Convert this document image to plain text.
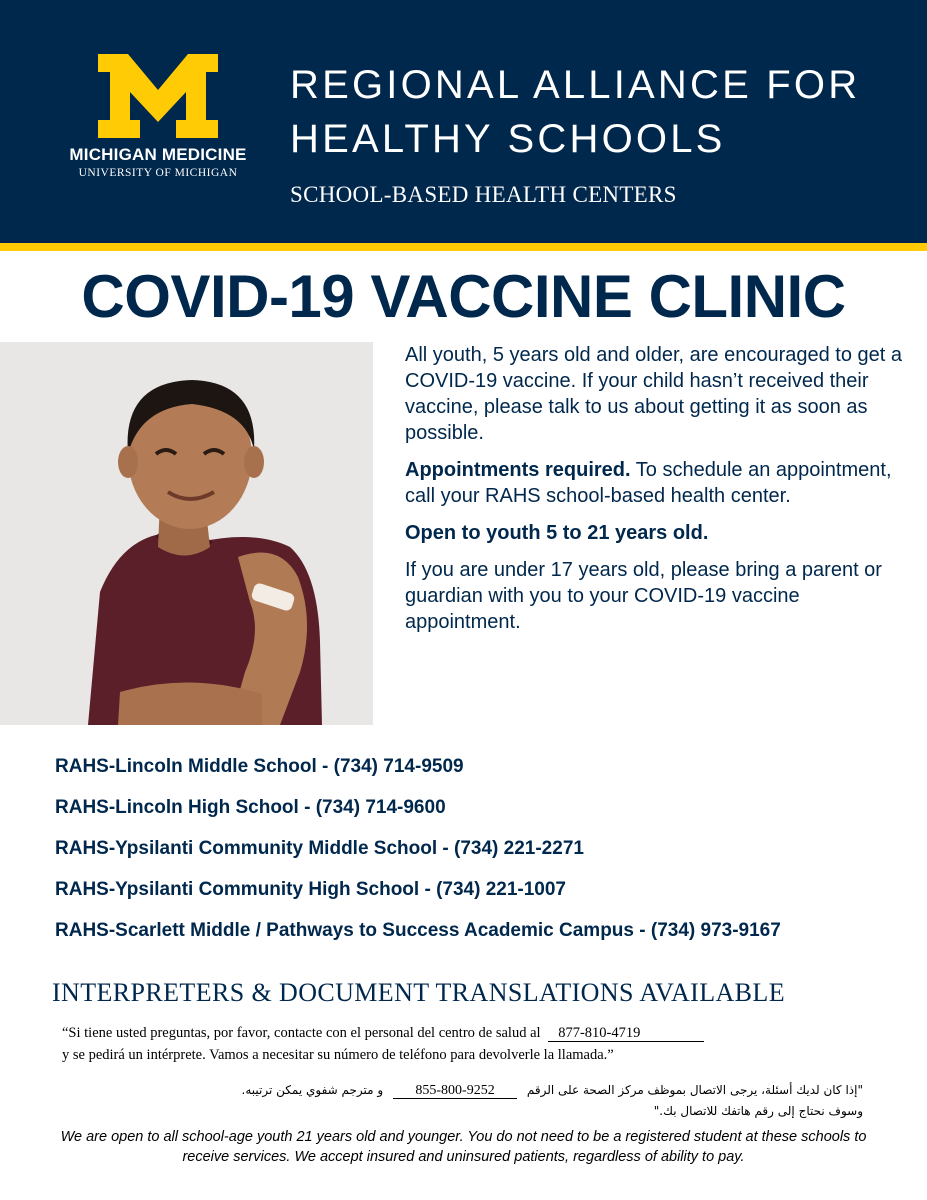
MICHIGAN MEDICINE
UNIVERSITY OF MICHIGAN
REGIONAL ALLIANCE FOR
HEALTHY SCHOOLS
SCHOOL-BASED HEALTH CENTERS
COVID-19 VACCINE CLINIC

All youth, 5 years old and older, are encouraged to get a COVID-19 vaccine. If your child hasn’t received their vaccine, please talk to us about getting it as soon as possible.

Appointments required. To schedule an appointment, call your RAHS school-based health center.

Open to youth 5 to 21 years old.

If you are under 17 years old, please bring a parent or guardian with you to your COVID-19 vaccine appointment.

RAHS-Lincoln Middle School - (734) 714-9509
RAHS-Lincoln High School - (734) 714-9600
RAHS-Ypsilanti Community Middle School - (734) 221-2271
RAHS-Ypsilanti Community High School - (734) 221-1007
RAHS-Scarlett Middle / Pathways to Success Academic Campus - (734) 973-9167
INTERPRETERS & DOCUMENT TRANSLATIONS AVAILABLE
“Si tiene usted preguntas, por favor, contacte con el personal del centro de salud al 877-810-4719
y se pedirá un intérprete. Vamos a necesitar su número de teléfono para devolverle la llamada.”
"إذا كان لديك أسئلة، يرجى الاتصال بموظف مركز الصحة على الرقم 855-800-9252 و مترجم شفوي يمكن ترتيبه.
وسوف نحتاج إلى رقم هاتفك للاتصال بك."
We are open to all school-age youth 21 years old and younger. You do not need to be a registered student at these schools to receive services. We accept insured and uninsured patients, regardless of ability to pay.
